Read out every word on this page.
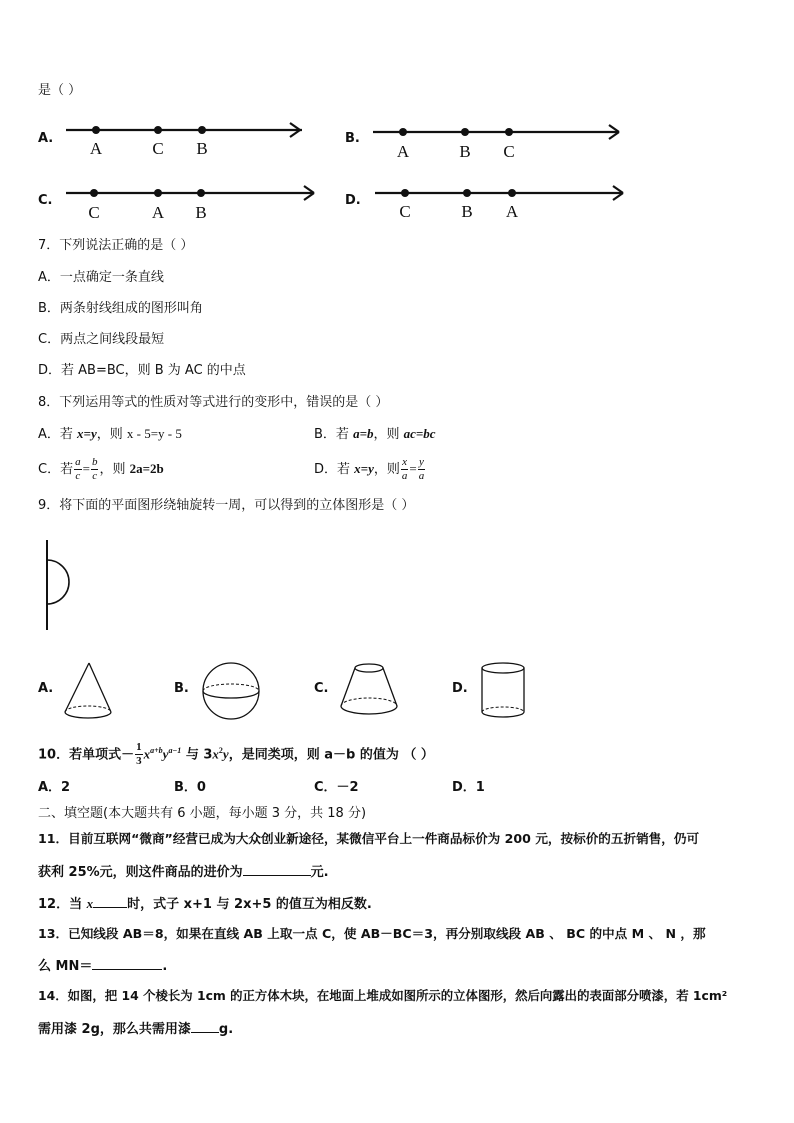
是（ ）
A.
A	C B
B.
A	B C
C.
C	A B
D.
C	B A
7．下列说法正确的是（ ）
A．一点确定一条直线
B．两条射线组成的图形叫角
C．两点之间线段最短
D．若 AB=BC，则 B 为 AC 的中点
8．下列运用等式的性质对等式进行的变形中，错误的是（ ）
A．若 x=y，则 x - 5=y - 5	B．若 a=b，则 ac=bc
C．若 $\frac{a}{c} = \frac{b}{c}$ ，则 2a=2b	D．若 x=y，则 $\frac{x}{a} = \frac{y}{a}$
9．将下面的平面图形绕轴旋转一周，可以得到的立体图形是（ ）
A.	B.	C.	D.
10．若单项式－ $\frac{1}{3} x^{a+b}y^{a-1}$ 与 $3x^2y$，是同类项，则 a－b 的值为 （ ）
A．2	B．0	C．－2	D．1
二、填空题(本大题共有 6 小题，每小题 3 分，共 18 分)
11．目前互联网“微商”经营已成为大众创业新途径，某微信平台上一件商品标价为 200 元，按标价的五折销售，仍可
获利 25%元，则这件商品的进价为	元.
12．当 x	时，式子 x+1 与 2x+5 的值互为相反数.
13．已知线段 AB＝8，如果在直线 AB 上取一点 C，使 AB－BC＝3，再分别取线段 AB 、 BC 的中点 M 、 N ，那
么 MN＝	.
14．如图，把 14 个棱长为 1cm 的正方体木块，在地面上堆成如图所示的立体图形，然后向露出的表面部分喷漆，若 1cm²
需用漆 2g，那么共需用漆 g.
